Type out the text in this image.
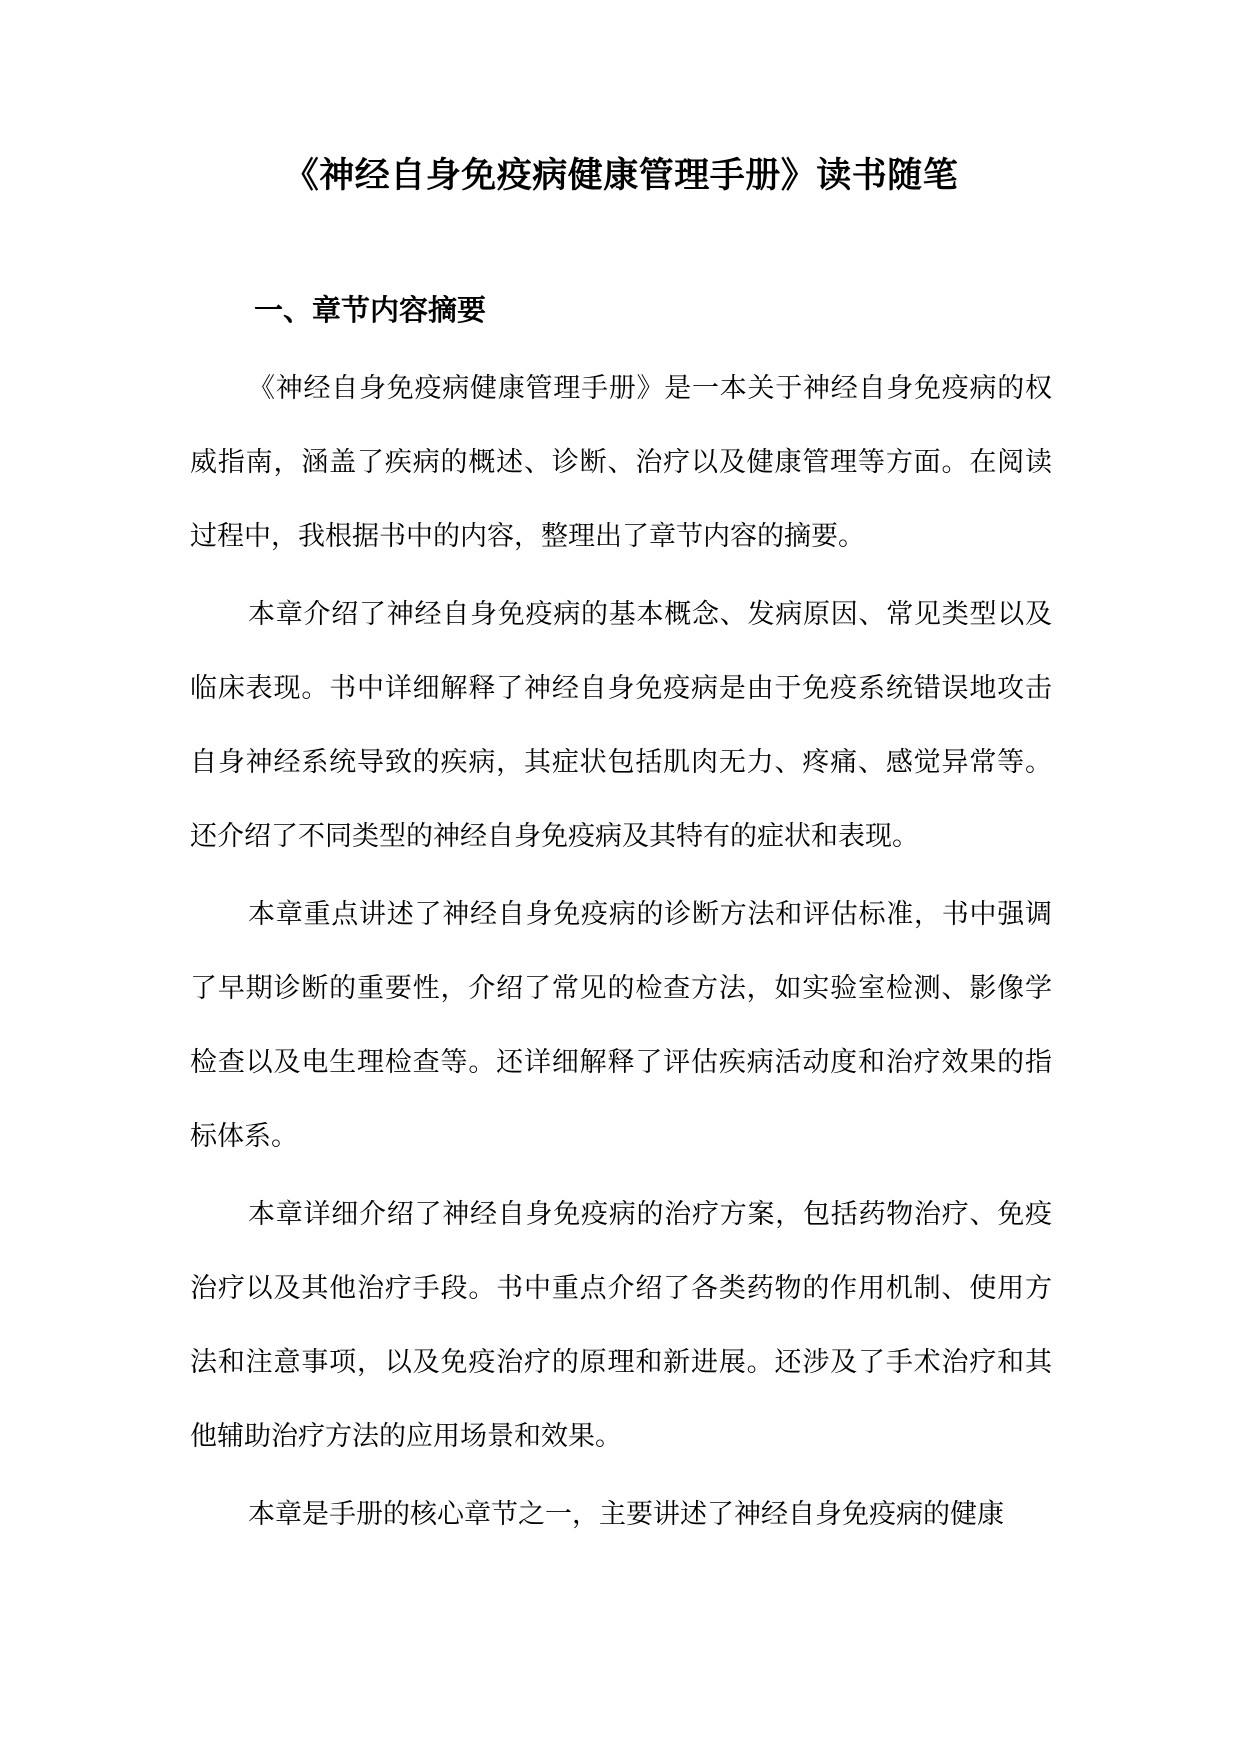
《神经自身免疫病健康管理手册》读书随笔
一、章节内容摘要

《神经自身免疫病健康管理手册》是一本关于神经自身免疫病的权威指南，涵盖了疾病的概述、诊断、治疗以及健康管理等方面。在阅读过程中，我根据书中的内容，整理出了章节内容的摘要。

本章介绍了神经自身免疫病的基本概念、发病原因、常见类型以及临床表现。书中详细解释了神经自身免疫病是由于免疫系统错误地攻击自身神经系统导致的疾病，其症状包括肌肉无力、疼痛、感觉异常等。还介绍了不同类型的神经自身免疫病及其特有的症状和表现。

本章重点讲述了神经自身免疫病的诊断方法和评估标准，书中强调了早期诊断的重要性，介绍了常见的检查方法，如实验室检测、影像学检查以及电生理检查等。还详细解释了评估疾病活动度和治疗效果的指标体系。

本章详细介绍了神经自身免疫病的治疗方案，包括药物治疗、免疫治疗以及其他治疗手段。书中重点介绍了各类药物的作用机制、使用方法和注意事项，以及免疫治疗的原理和新进展。还涉及了手术治疗和其他辅助治疗方法的应用场景和效果。

本章是手册的核心章节之一，主要讲述了神经自身免疫病的健康
